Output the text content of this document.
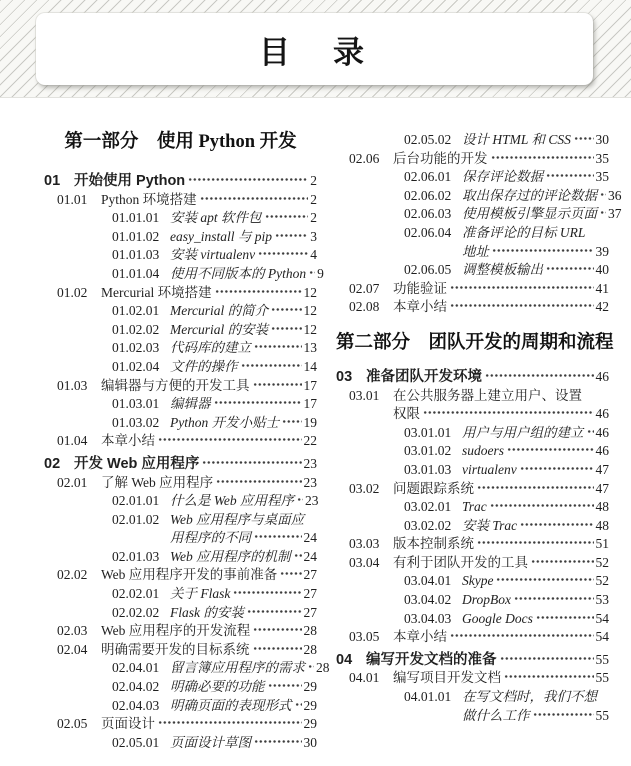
目　录
第一部分　使用 Python 开发
01 开始使用 Python	2
01.01	Python 环境搭建	2
01.01.01 安装 apt 软件包	2
01.01.02 easy_install 与 pip	3
01.01.03 安装 virtualenv	4
01.01.04 使用不同版本的 Python 9
01.02	Mercurial 环境搭建	12
01.02.01 Mercurial 的简介	12
01.02.02 Mercurial 的安装	12
01.02.03 代码库的建立	13
01.02.04 文件的操作	14
01.03	编辑器与方便的开发工具	17
01.03.01 编辑器	17
01.03.02 Python 开发小贴士 19
01.04	本章小结	22
02 开发 Web 应用程序	23
02.01	了解 Web 应用程序	23
02.01.01 什么是 Web 应用程序 23
02.01.02 Web 应用程序与桌面应
用程序的不同	24
02.01.03 Web 应用程序的机制 24
02.02	Web 应用程序开发的事前准备 27
02.02.01 关于 Flask	27
02.02.02 Flask 的安装	27
02.03	Web 应用程序的开发流程	28
02.04	明确需要开发的目标系统	28
02.04.01 留言簿应用程序的需求 28
02.04.02 明确必要的功能	29
02.04.03 明确页面的表现形式 29
02.05	页面设计	29
02.05.01 页面设计草图	30
02.05.02 设计 HTML 和 CSS 30
02.06	后台功能的开发	35
02.06.01 保存评论数据	35
02.06.02 取出保存过的评论数据 36
02.06.03 使用模板引擎显示页面 37
02.06.04 准备评论的目标 URL
地址	39
02.06.05 调整模板输出	40
02.07	功能验证	41
02.08	本章小结	42
第二部分　团队开发的周期和流程
03 准备团队开发环境	46
03.01	在公共服务器上建立用户、设置
权限	46
03.01.01 用户与用户组的建立 46
03.01.02 sudoers	46
03.01.03 virtualenv	47
03.02	问题跟踪系统	47
03.02.01 Trac	48
03.02.02 安装 Trac	48
03.03	版本控制系统	51
03.04	有利于团队开发的工具	52
03.04.01 Skype	52
03.04.02 DropBox	53
03.04.03 Google Docs	54
03.05	本章小结	54
04 编写开发文档的准备	55
04.01	编写项目开发文档	55
04.01.01 在写文档时，我们不想
做什么工作	55
